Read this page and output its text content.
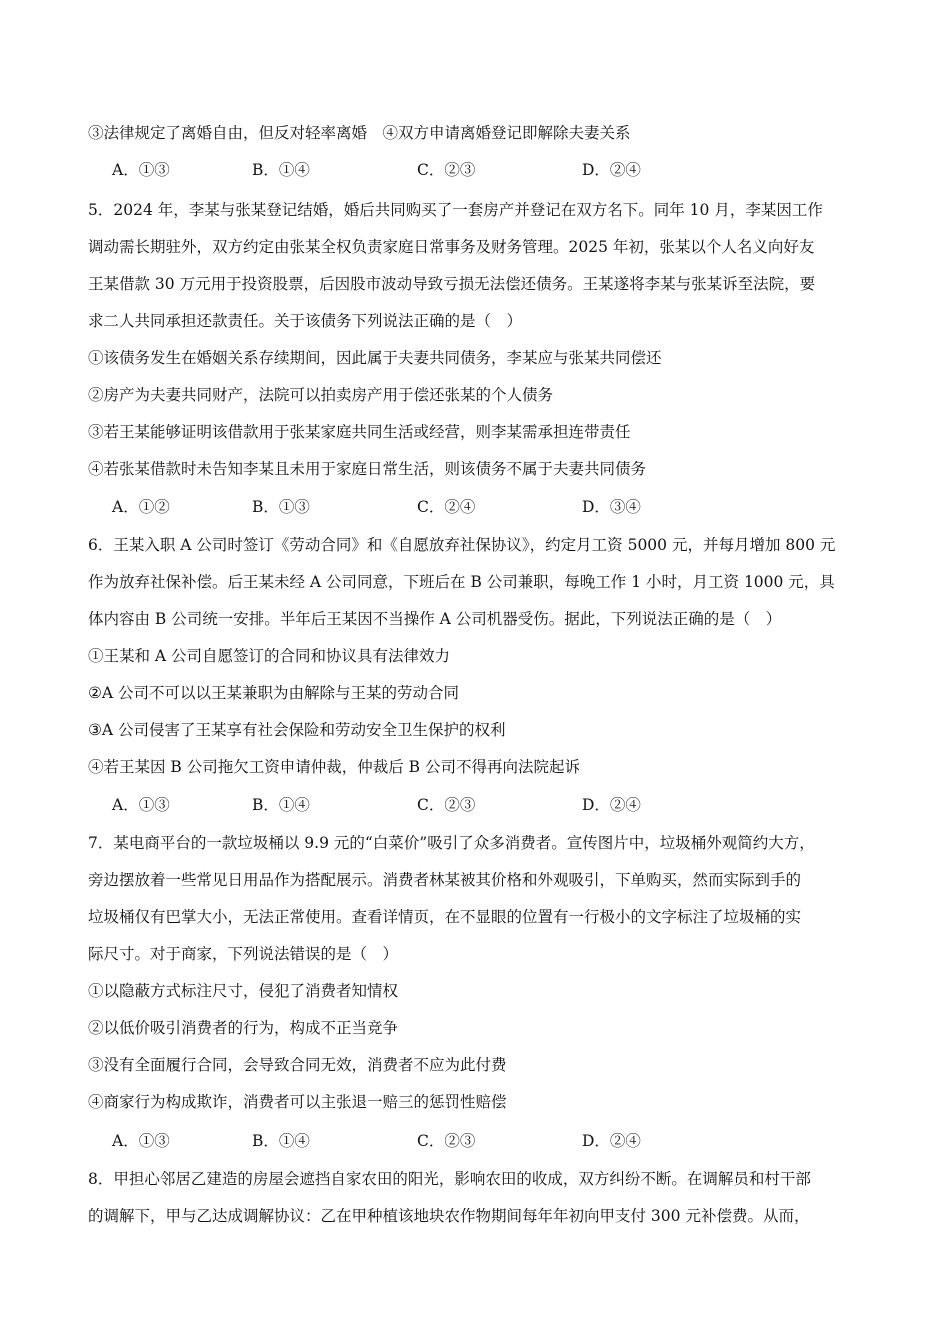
③法律规定了离婚自由，但反对轻率离婚　④双方申请离婚登记即解除夫妻关系
A．①③	B．①④	C．②③	D．②④
5．2024 年，李某与张某登记结婚，婚后共同购买了一套房产并登记在双方名下。同年 10 月，李某因工作
调动需长期驻外，双方约定由张某全权负责家庭日常事务及财务管理。2025 年初，张某以个人名义向好友
王某借款 30 万元用于投资股票，后因股市波动导致亏损无法偿还债务。王某遂将李某与张某诉至法院，要
求二人共同承担还款责任。关于该债务下列说法正确的是（　）
①该债务发生在婚姻关系存续期间，因此属于夫妻共同债务，李某应与张某共同偿还
②房产为夫妻共同财产，法院可以拍卖房产用于偿还张某的个人债务
③若王某能够证明该借款用于张某家庭共同生活或经营，则李某需承担连带责任
④若张某借款时未告知李某且未用于家庭日常生活，则该债务不属于夫妻共同债务
A．①②	B．①③	C．②④	D．③④
6．王某入职 A 公司时签订《劳动合同》和《自愿放弃社保协议》，约定月工资 5000 元，并每月增加 800 元
作为放弃社保补偿。后王某未经 A 公司同意，下班后在 B 公司兼职，每晚工作 1 小时，月工资 1000 元，具
体内容由 B 公司统一安排。半年后王某因不当操作 A 公司机器受伤。据此，下列说法正确的是（　）
①王某和 A 公司自愿签订的合同和协议具有法律效力
②A 公司不可以以王某兼职为由解除与王某的劳动合同
③A 公司侵害了王某享有社会保险和劳动安全卫生保护的权利
④若王某因 B 公司拖欠工资申请仲裁，仲裁后 B 公司不得再向法院起诉
A．①③	B．①④	C．②③	D．②④
7．某电商平台的一款垃圾桶以 9.9 元的“白菜价”吸引了众多消费者。宣传图片中，垃圾桶外观简约大方，
旁边摆放着一些常见日用品作为搭配展示。消费者林某被其价格和外观吸引，下单购买，然而实际到手的
垃圾桶仅有巴掌大小，无法正常使用。查看详情页，在不显眼的位置有一行极小的文字标注了垃圾桶的实
际尺寸。对于商家，下列说法错误的是（　）
①以隐蔽方式标注尺寸，侵犯了消费者知情权
②以低价吸引消费者的行为，构成不正当竞争
③没有全面履行合同，会导致合同无效，消费者不应为此付费
④商家行为构成欺诈，消费者可以主张退一赔三的惩罚性赔偿
A．①③	B．①④	C．②③	D．②④
8．甲担心邻居乙建造的房屋会遮挡自家农田的阳光，影响农田的收成，双方纠纷不断。在调解员和村干部
的调解下，甲与乙达成调解协议：乙在甲种植该地块农作物期间每年年初向甲支付 300 元补偿费。从而，
